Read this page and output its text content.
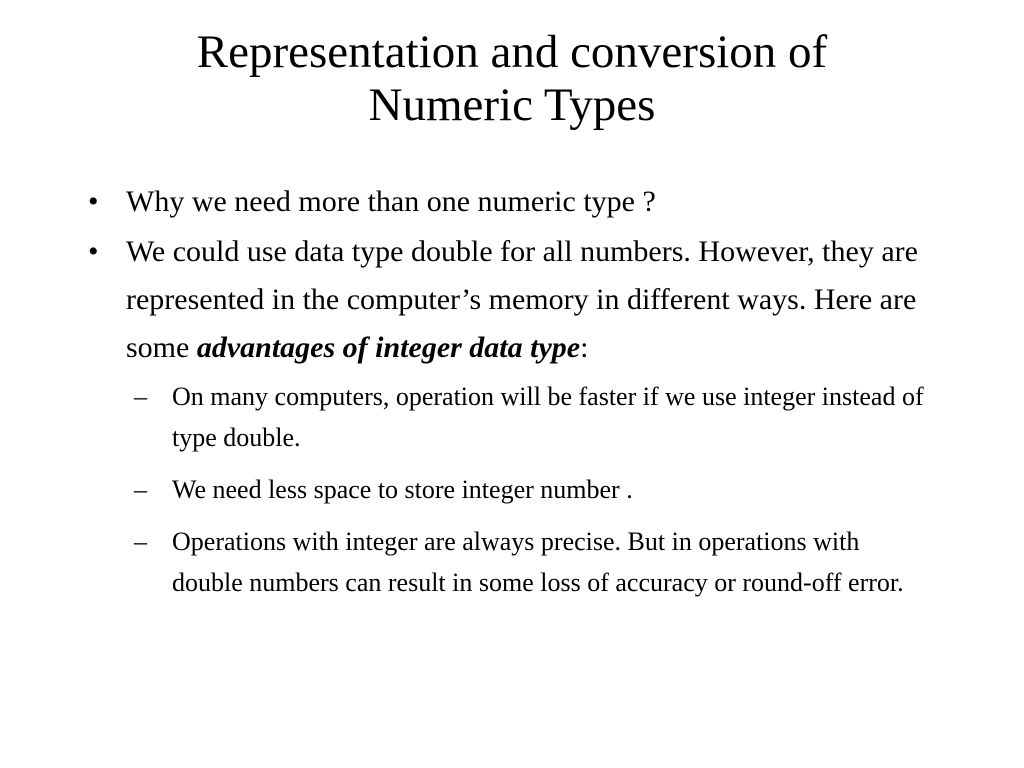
Representation and conversion of
Numeric Types
• Why we need more than one numeric type ?
• We could use data type double for all numbers. However, they are represented in the computer’s memory in different ways. Here are some advantages of integer data type:
– On many computers, operation will be faster if we use integer instead of type double.
– We need less space to store integer number .
– Operations with integer are always precise. But in operations with double numbers can result in some loss of accuracy or round-off error.
